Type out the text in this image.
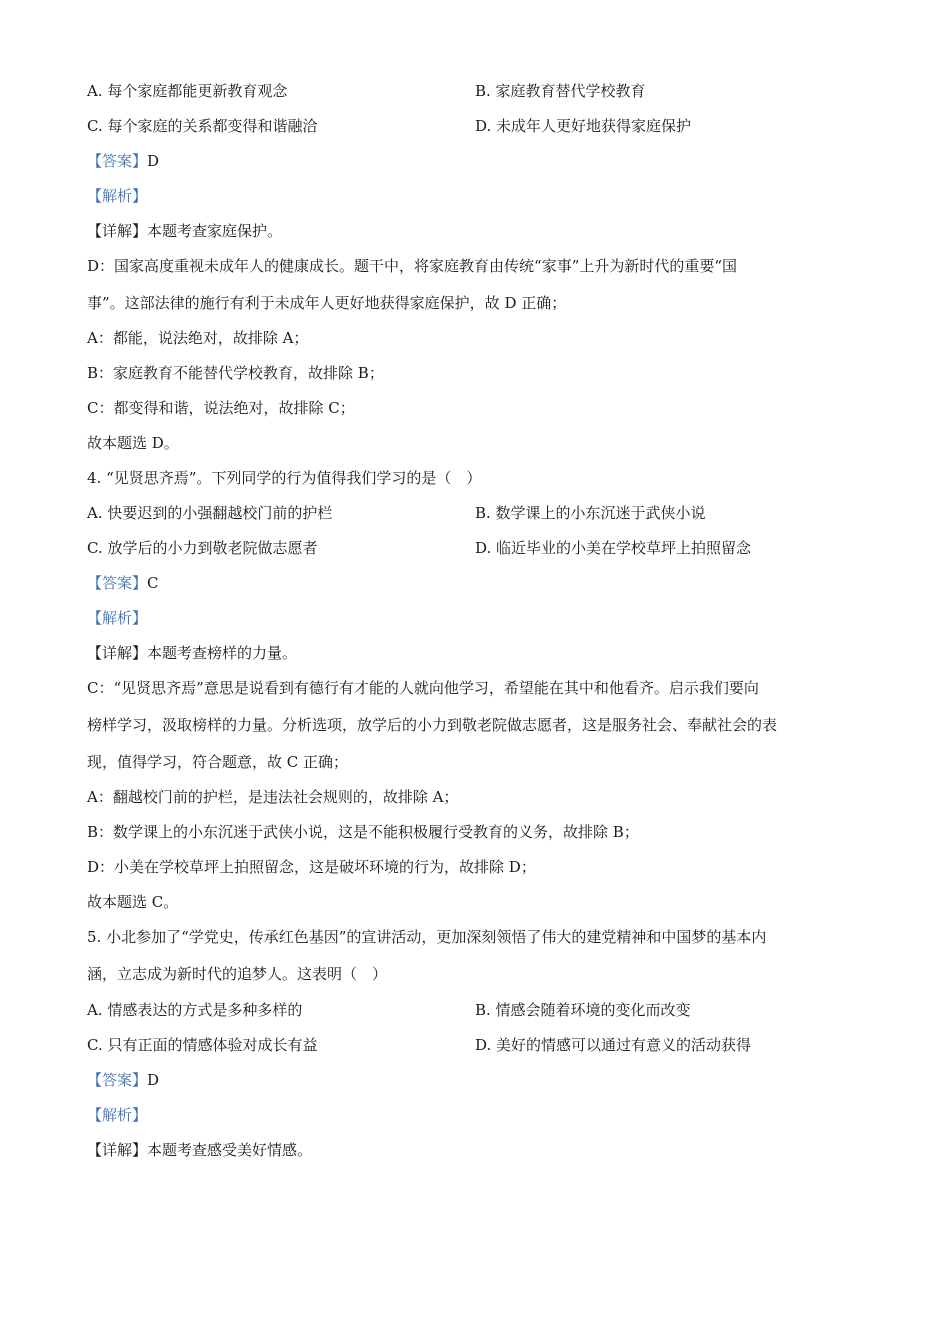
A. 每个家庭都能更新教育观念	B. 家庭教育替代学校教育
C. 每个家庭的关系都变得和谐融洽	D. 未成年人更好地获得家庭保护
【答案】D
【解析】
【详解】本题考查家庭保护。
D：国家高度重视未成年人的健康成长。题干中，将家庭教育由传统“家事”上升为新时代的重要“国
事”。这部法律的施行有利于未成年人更好地获得家庭保护，故 D 正确；
A：都能，说法绝对，故排除 A；
B：家庭教育不能替代学校教育，故排除 B；
C：都变得和谐，说法绝对，故排除 C；
故本题选 D。
4. “见贤思齐焉”。下列同学的行为值得我们学习的是（　）
A. 快要迟到的小强翻越校门前的护栏	B. 数学课上的小东沉迷于武侠小说
C. 放学后的小力到敬老院做志愿者	D. 临近毕业的小美在学校草坪上拍照留念
【答案】C
【解析】
【详解】本题考查榜样的力量。
C：“见贤思齐焉”意思是说看到有德行有才能的人就向他学习，希望能在其中和他看齐。启示我们要向
榜样学习，汲取榜样的力量。分析选项，放学后的小力到敬老院做志愿者，这是服务社会、奉献社会的表
现，值得学习，符合题意，故 C 正确；
A：翻越校门前的护栏，是违法社会规则的，故排除 A；
B：数学课上的小东沉迷于武侠小说，这是不能积极履行受教育的义务，故排除 B；
D：小美在学校草坪上拍照留念，这是破坏环境的行为，故排除 D；
故本题选 C。
5. 小北参加了“学党史，传承红色基因”的宣讲活动，更加深刻领悟了伟大的建党精神和中国梦的基本内
涵，立志成为新时代的追梦人。这表明（　）
A. 情感表达的方式是多种多样的	B. 情感会随着环境的变化而改变
C. 只有正面的情感体验对成长有益	D. 美好的情感可以通过有意义的活动获得
【答案】D
【解析】
【详解】本题考查感受美好情感。
